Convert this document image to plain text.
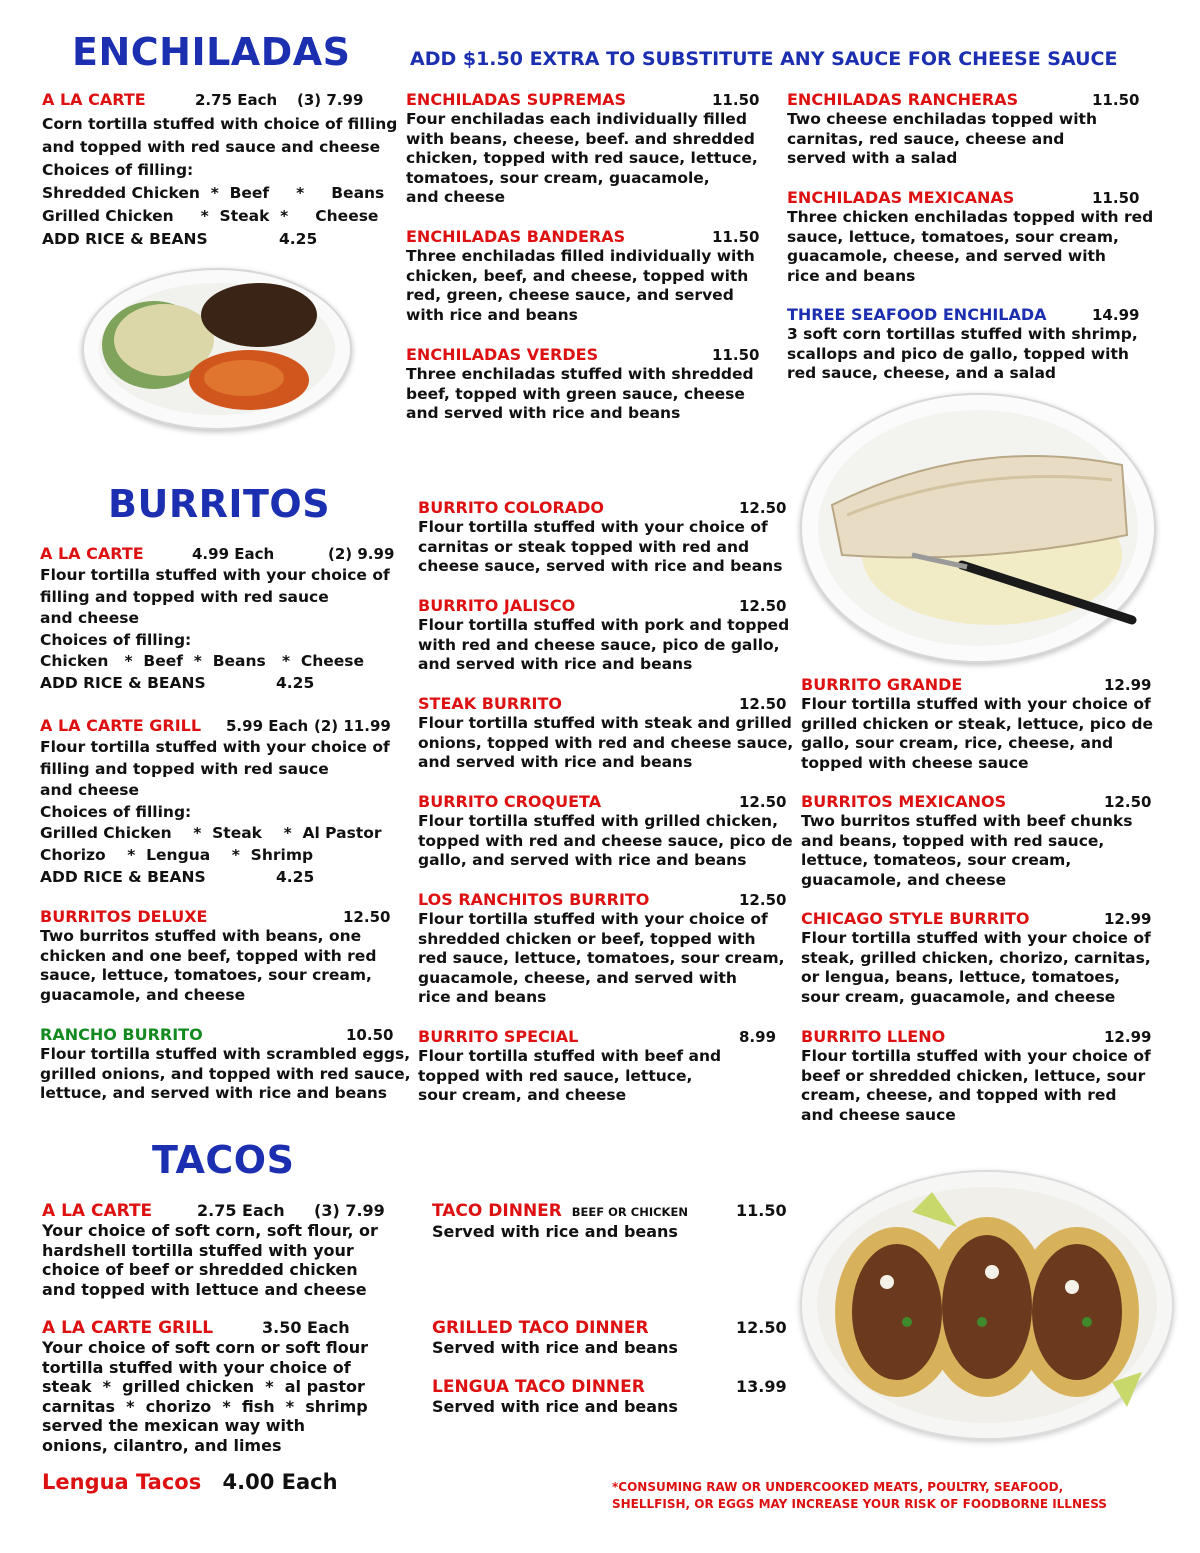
ENCHILADAS	ADD $1.50 EXTRA TO SUBSTITUTE ANY SAUCE FOR CHEESE SAUCE
A LA CARTE	2.75 Each (3) 7.99
Corn tortilla stuffed with choice of filling
and topped with red sauce and cheese
Choices of filling:
Shredded Chicken  *  Beef     *     Beans
Grilled Chicken     *  Steak  *     Cheese
ADD RICE & BEANS	4.25
ENCHILADAS SUPREMAS	11.50
Four enchiladas each individually filled
with beans, cheese, beef. and shredded
chicken, topped with red sauce, lettuce,
tomatoes, sour cream, guacamole,
and cheese
ENCHILADAS BANDERAS	11.50
Three enchiladas filled individually with
chicken, beef, and cheese, topped with
red, green, cheese sauce, and served
with rice and beans
ENCHILADAS VERDES	11.50
Three enchiladas stuffed with shredded
beef, topped with green sauce, cheese
and served with rice and beans
ENCHILADAS RANCHERAS	11.50
Two cheese enchiladas topped with
carnitas, red sauce, cheese and
served with a salad
ENCHILADAS MEXICANAS	11.50
Three chicken enchiladas topped with red
sauce, lettuce, tomatoes, sour cream,
guacamole, cheese, and served with
rice and beans
THREE SEAFOOD ENCHILADA	14.99
3 soft corn tortillas stuffed with shrimp,
scallops and pico de gallo, topped with
red sauce, cheese, and a salad
BURRITOS
A LA CARTE	4.99 Each	(2) 9.99
Flour tortilla stuffed with your choice of
filling and topped with red sauce
and cheese
Choices of filling:
Chicken   *  Beef  *  Beans   *  Cheese
ADD RICE & BEANS	4.25
A LA CARTE GRILL	5.99 Each (2) 11.99
Flour tortilla stuffed with your choice of
filling and topped with red sauce
and cheese
Choices of filling:
Grilled Chicken    *  Steak    *  Al Pastor
Chorizo    *  Lengua    *  Shrimp
ADD RICE & BEANS	4.25
BURRITOS DELUXE	12.50
Two burritos stuffed with beans, one
chicken and one beef, topped with red
sauce, lettuce, tomatoes, sour cream,
guacamole, and cheese
RANCHO BURRITO	10.50
Flour tortilla stuffed with scrambled eggs,
grilled onions, and topped with red sauce,
lettuce, and served with rice and beans
BURRITO COLORADO	12.50
Flour tortilla stuffed with your choice of
carnitas or steak topped with red and
cheese sauce, served with rice and beans
BURRITO JALISCO	12.50
Flour tortilla stuffed with pork and topped
with red and cheese sauce, pico de gallo,
and served with rice and beans
STEAK BURRITO	12.50
Flour tortilla stuffed with steak and grilled
onions, topped with red and cheese sauce,
and served with rice and beans
BURRITO CROQUETA	12.50
Flour tortilla stuffed with grilled chicken,
topped with red and cheese sauce, pico de
gallo, and served with rice and beans
LOS RANCHITOS BURRITO	12.50
Flour tortilla stuffed with your choice of
shredded chicken or beef, topped with
red sauce, lettuce, tomatoes, sour cream,
guacamole, cheese, and served with
rice and beans
BURRITO SPECIAL	8.99
Flour tortilla stuffed with beef and
topped with red sauce, lettuce,
sour cream, and cheese
BURRITO GRANDE	12.99
Flour tortilla stuffed with your choice of
grilled chicken or steak, lettuce, pico de
gallo, sour cream, rice, cheese, and
topped with cheese sauce
BURRITOS MEXICANOS	12.50
Two burritos stuffed with beef chunks
and beans, topped with red sauce,
lettuce, tomateos, sour cream,
guacamole, and cheese
CHICAGO STYLE BURRITO	12.99
Flour tortilla stuffed with your choice of
steak, grilled chicken, chorizo, carnitas,
or lengua, beans, lettuce, tomatoes,
sour cream, guacamole, and cheese
BURRITO LLENO	12.99
Flour tortilla stuffed with your choice of
beef or shredded chicken, lettuce, sour
cream, cheese, and topped with red
and cheese sauce
TACOS
A LA CARTE	2.75 Each (3) 7.99
Your choice of soft corn, soft flour, or
hardshell tortilla stuffed with your
choice of beef or shredded chicken
and topped with lettuce and cheese
A LA CARTE GRILL	3.50 Each
Your choice of soft corn or soft flour
tortilla stuffed with your choice of
steak  *  grilled chicken  *  al pastor
carnitas  *  chorizo  *  fish  *  shrimp
served the mexican way with
onions, cilantro, and limes
Lengua Tacos 4.00 Each
TACO DINNER BEEF OR CHICKEN	11.50
Served with rice and beans
GRILLED TACO DINNER	12.50
Served with rice and beans
LENGUA TACO DINNER	13.99
Served with rice and beans
*CONSUMING RAW OR UNDERCOOKED MEATS, POULTRY, SEAFOOD,
SHELLFISH, OR EGGS MAY INCREASE YOUR RISK OF FOODBORNE ILLNESS
